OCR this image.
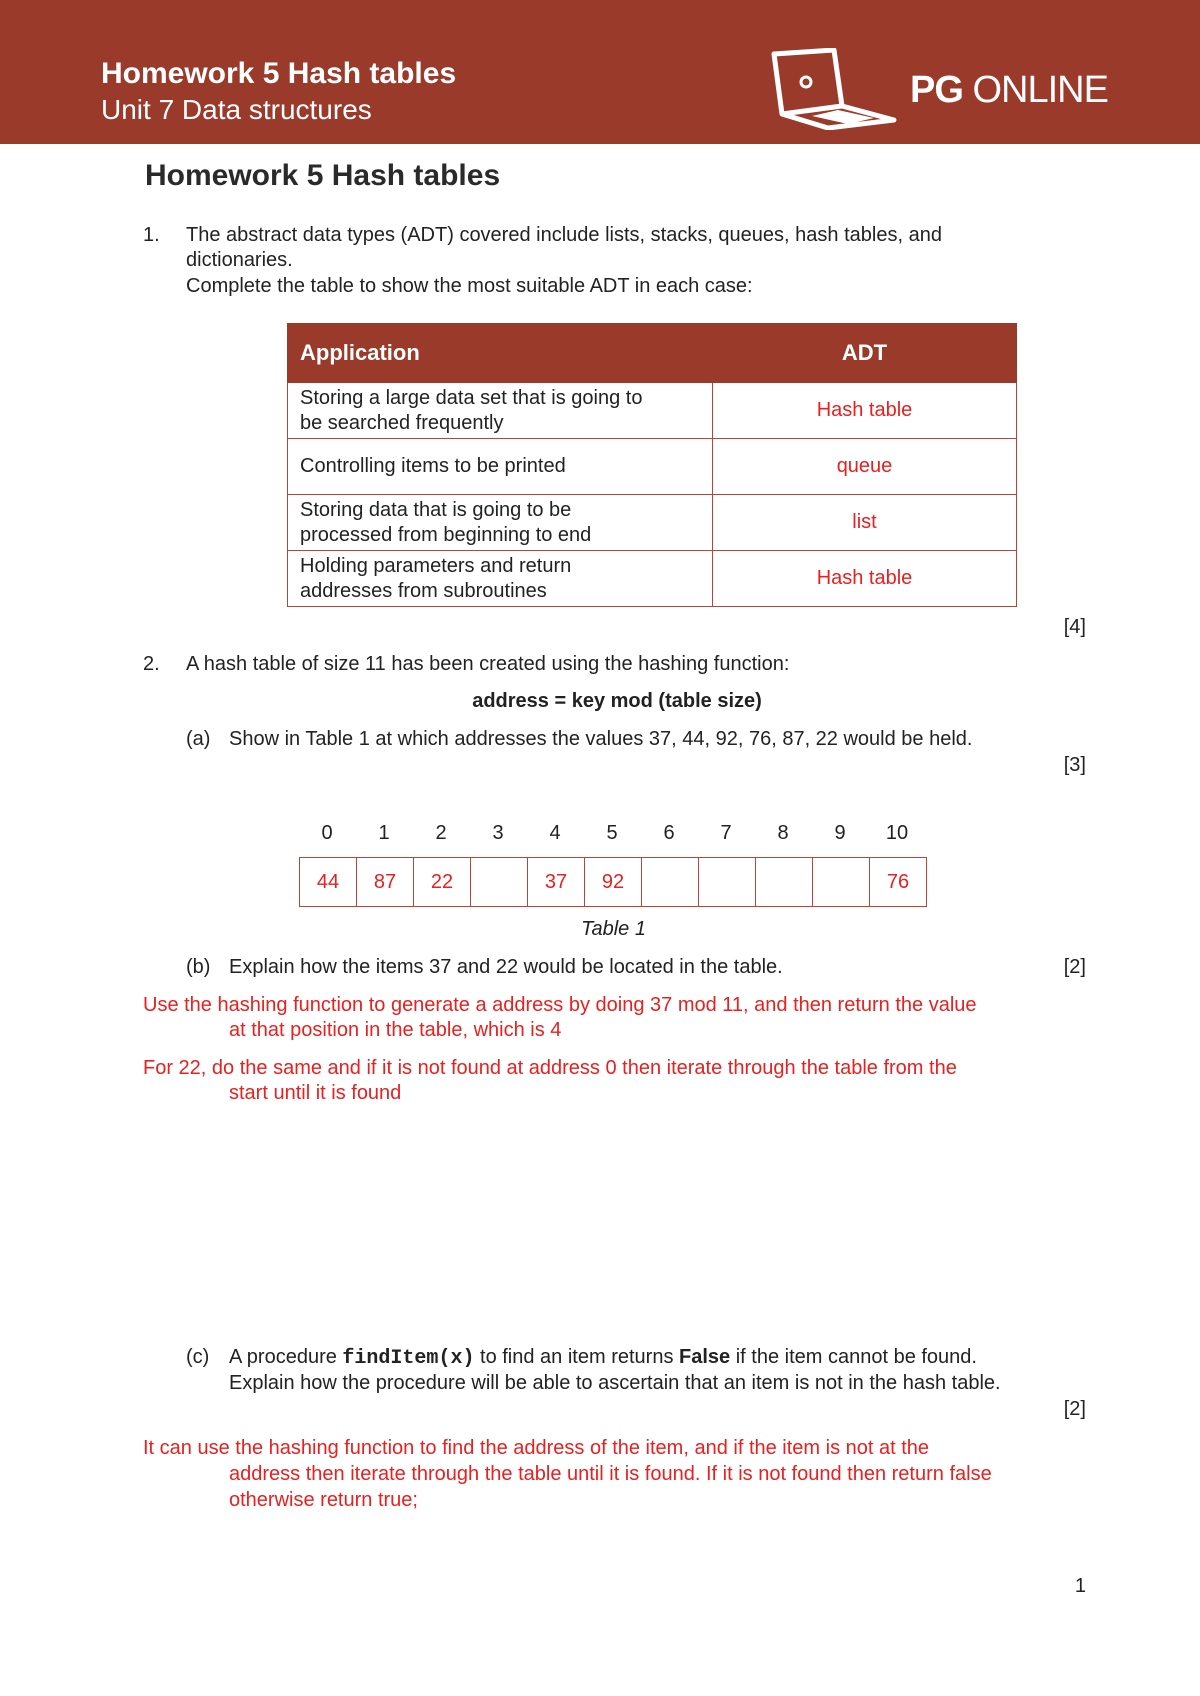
Homework 5 Hash tables
Unit 7 Data structures	PG ONLINE
Homework 5 Hash tables
1. The abstract data types (ADT) covered include lists, stacks, queues, hash tables, and
dictionaries.
Complete the table to show the most suitable ADT in each case:
Application	ADT
Storing a large data set that is going to
be searched frequently	Hash table
Controlling items to be printed	queue
Storing data that is going to be
processed from beginning to end	list
Holding parameters and return
addresses from subroutines	Hash table
[4]
2. A hash table of size 11 has been created using the hashing function:
address = key mod (table size)
(a) Show in Table 1 at which addresses the values 37, 44, 92, 76, 87, 22 would be held.
[3]
0	1	2	3	4	5	6	7	8	9	10
44	87	22		37	92					76
Table 1
(b) Explain how the items 37 and 22 would be located in the table.	[2]
Use the hashing function to generate a address by doing 37 mod 11, and then return the value
at that position in the table, which is 4
For 22, do the same and if it is not found at address 0 then iterate through the table from the
start until it is found
(c) A procedure findItem(x) to find an item returns False if the item cannot be found.
Explain how the procedure will be able to ascertain that an item is not in the hash table.
[2]
It can use the hashing function to find the address of the item, and if the item is not at the
address then iterate through the table until it is found. If it is not found then return false
otherwise return true;
1
